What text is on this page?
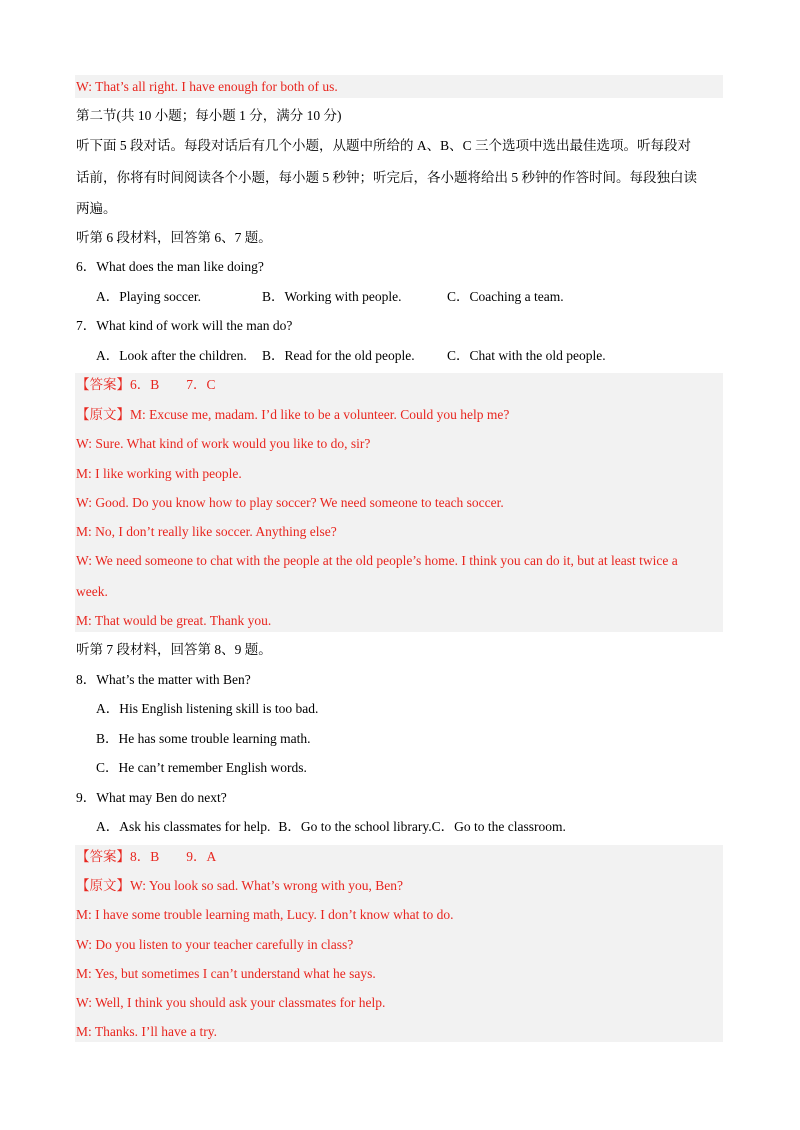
W: That’s all right. I have enough for both of us.
第二节(共 10 小题；每小题 1 分，满分 10 分)
听下面 5 段对话。每段对话后有几个小题，从题中所给的 A、B、C 三个选项中选出最佳选项。听每段对
话前，你将有时间阅读各个小题，每小题 5 秒钟；听完后，各小题将给出 5 秒钟的作答时间。每段独白读
两遍。
听第 6 段材料，回答第 6、7 题。
6．What does the man like doing?
A．Playing soccer.	B．Working with people.	C．Coaching a team.
7．What kind of work will the man do?
A．Look after the children. B．Read for the old people. C．Chat with the old people.
【答案】6．B        7．C
【原文】M: Excuse me, madam. I’d like to be a volunteer. Could you help me?
W: Sure. What kind of work would you like to do, sir?
M: I like working with people.
W: Good. Do you know how to play soccer? We need someone to teach soccer.
M: No, I don’t really like soccer. Anything else?
W: We need someone to chat with the people at the old people’s home. I think you can do it, but at least twice a
week.
M: That would be great. Thank you.
听第 7 段材料，回答第 8、9 题。
8．What’s the matter with Ben?
A．His English listening skill is too bad.
B．He has some trouble learning math.
C．He can’t remember English words.
9．What may Ben do next?
A．Ask his classmates for help. B．Go to the school library.C．Go to the classroom.
【答案】8．B        9．A
【原文】W: You look so sad. What’s wrong with you, Ben?
M: I have some trouble learning math, Lucy. I don’t know what to do.
W: Do you listen to your teacher carefully in class?
M: Yes, but sometimes I can’t understand what he says.
W: Well, I think you should ask your classmates for help.
M: Thanks. I’ll have a try.
